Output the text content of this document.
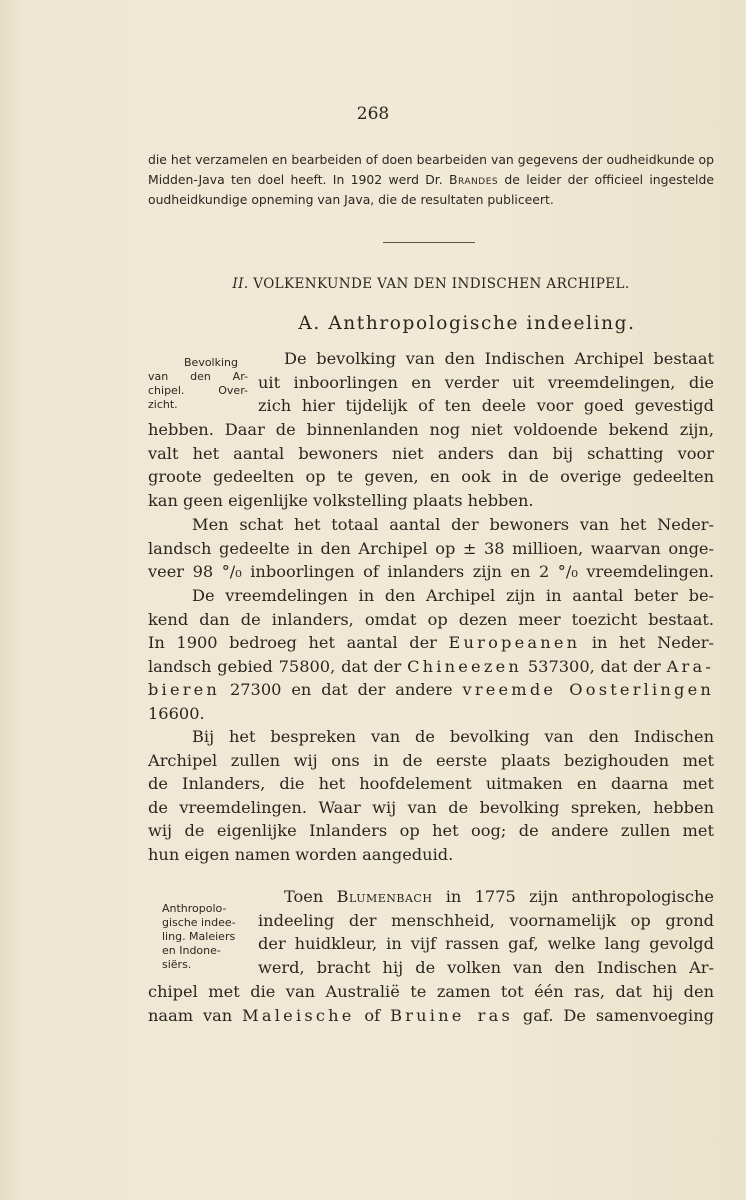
268
die het verzamelen en bearbeiden of doen bearbeiden van gegevens der oudheidkunde op Midden-Java ten doel heeft. In 1902 werd Dr. Brandes de leider der officieel ingestelde oudheidkundige opneming van Java, die de resultaten publiceert.
II. VOLKENKUNDE VAN DEN INDISCHEN ARCHIPEL.
A. Anthropologische indeeling.
Bevolking
van den Ar-
chipel. Over-
zicht.
De bevolking van den Indischen Archipel bestaat
uit inboorlingen en verder uit vreemdelingen, die
zich hier tijdelijk of ten deele voor goed gevestigd
hebben. Daar de binnenlanden nog niet voldoende bekend zijn,
valt het aantal bewoners niet anders dan bij schatting voor
groote gedeelten op te geven, en ook in de overige gedeelten
kan geen eigenlijke volkstelling plaats hebben.
Men schat het totaal aantal der bewoners van het Neder-
landsch gedeelte in den Archipel op ± 38 millioen, waarvan onge-
veer 98 °/₀ inboorlingen of inlanders zijn en 2 °/₀ vreemdelingen.
De vreemdelingen in den Archipel zijn in aantal beter be-
kend dan de inlanders, omdat op dezen meer toezicht bestaat.
In 1900 bedroeg het aantal der Europeanen in het Neder-
landsch gebied 75800, dat der Chineezen 537300, dat der Ara-
bieren 27300 en dat der andere vreemde Oosterlingen
16600.
Bij het bespreken van de bevolking van den Indischen
Archipel zullen wij ons in de eerste plaats bezighouden met
de Inlanders, die het hoofdelement uitmaken en daarna met
de vreemdelingen. Waar wij van de bevolking spreken, hebben
wij de eigenlijke Inlanders op het oog; de andere zullen met
hun eigen namen worden aangeduid.
Anthropolo-
gische indee-
ling. Maleiers
en Indone-
siërs.
Toen Blumenbach in 1775 zijn anthropologische
indeeling der menschheid, voornamelijk op grond
der huidkleur, in vijf rassen gaf, welke lang gevolgd
werd, bracht hij de volken van den Indischen Ar-
chipel met die van Australië te zamen tot één ras, dat hij den
naam van Maleische of Bruine ras gaf. De samenvoeging
